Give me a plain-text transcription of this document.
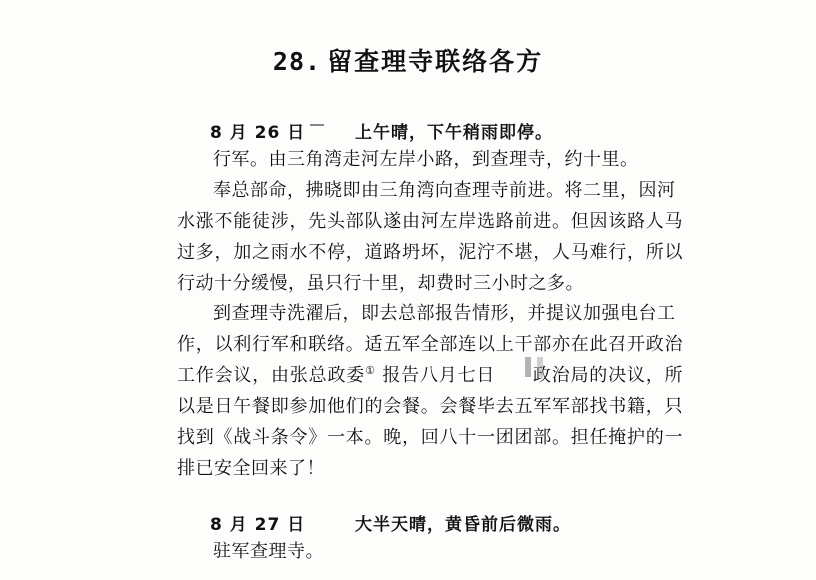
28. 留查理寺联络各方
8 月 26 日	上午晴，下午稍雨即停。
行军。由三角湾走河左岸小路，到查理寺，约十里。
奉总部命，拂晓即由三角湾向查理寺前进。将二里，因河
水涨不能徒涉，先头部队遂由河左岸选路前进。但因该路人马过多，加之雨水不停，道路坍坏，泥泞不堪，人马难行，所以行动十分缓慢，虽只行十里，却费时三小时之多。
到查理寺洗濯后，即去总部报告情形，并提议加强电台工
作，以利行军和联络。适五军全部连以上干部亦在此召开政治工作会议，由张总政委① 报告八月七日　　 政治局的决议，所以是日午餐即参加他们的会餐。会餐毕去五军军部找书籍，只找到《战斗条令》一本。晚，回八十一团团部。担任掩护的一排已安全回来了！
8 月 27 日	大半天晴，黄昏前后微雨。
驻军查理寺。
